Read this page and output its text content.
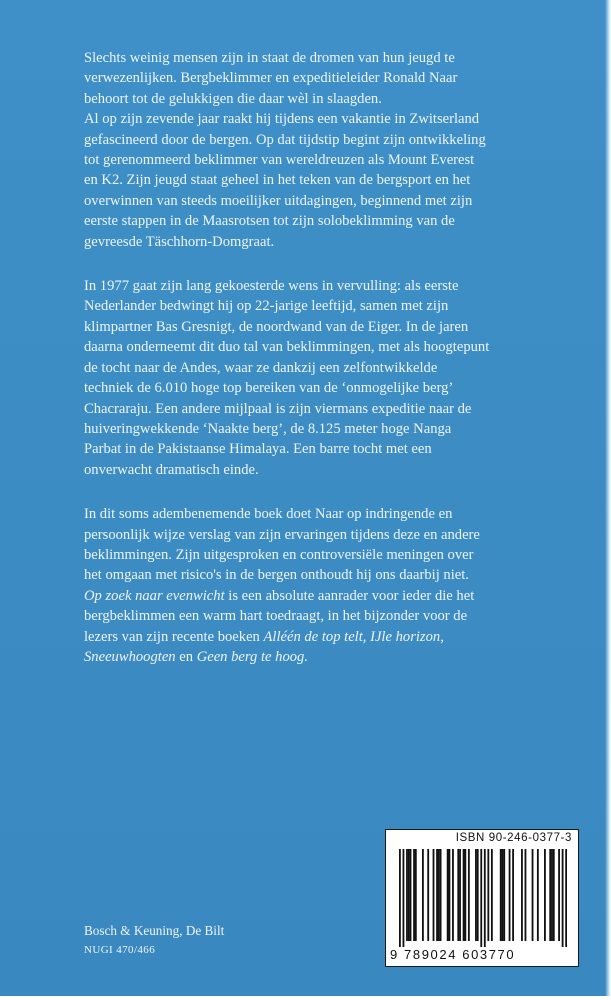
Slechts weinig mensen zijn in staat de dromen van hun jeugd te
verwezenlijken. Bergbeklimmer en expeditieleider Ronald Naar
behoort tot de gelukkigen die daar wèl in slaagden.
Al op zijn zevende jaar raakt hij tijdens een vakantie in Zwitserland
gefascineerd door de bergen. Op dat tijdstip begint zijn ontwikkeling
tot gerenommeerd beklimmer van wereldreuzen als Mount Everest
en K2. Zijn jeugd staat geheel in het teken van de bergsport en het
overwinnen van steeds moeilijker uitdagingen, beginnend met zijn
eerste stappen in de Maasrotsen tot zijn solobeklimming van de
gevreesde Täschhorn-Domgraat.

In 1977 gaat zijn lang gekoesterde wens in vervulling: als eerste
Nederlander bedwingt hij op 22-jarige leeftijd, samen met zijn
klimpartner Bas Gresnigt, de noordwand van de Eiger. In de jaren
daarna onderneemt dit duo tal van beklimmingen, met als hoogtepunt
de tocht naar de Andes, waar ze dankzij een zelfontwikkelde
techniek de 6.010 hoge top bereiken van de ‘onmogelijke berg’
Chacraraju. Een andere mijlpaal is zijn viermans expeditie naar de
huiveringwekkende ‘Naakte berg’, de 8.125 meter hoge Nanga
Parbat in de Pakistaanse Himalaya. Een barre tocht met een
onverwacht dramatisch einde.

In dit soms adembenemende boek doet Naar op indringende en
persoonlijk wijze verslag van zijn ervaringen tijdens deze en andere
beklimmingen. Zijn uitgesproken en controversiële meningen over
het omgaan met risico's in de bergen onthoudt hij ons daarbij niet.
Op zoek naar evenwicht is een absolute aanrader voor ieder die het
bergbeklimmen een warm hart toedraagt, in het bijzonder voor de
lezers van zijn recente boeken Alléén de top telt, IJle horizon,
Sneeuwhoogten en Geen berg te hoog.

Bosch & Keuning, De Bilt
NUGI 470/466
ISBN 90-246-0377-3
9 789024 603770
